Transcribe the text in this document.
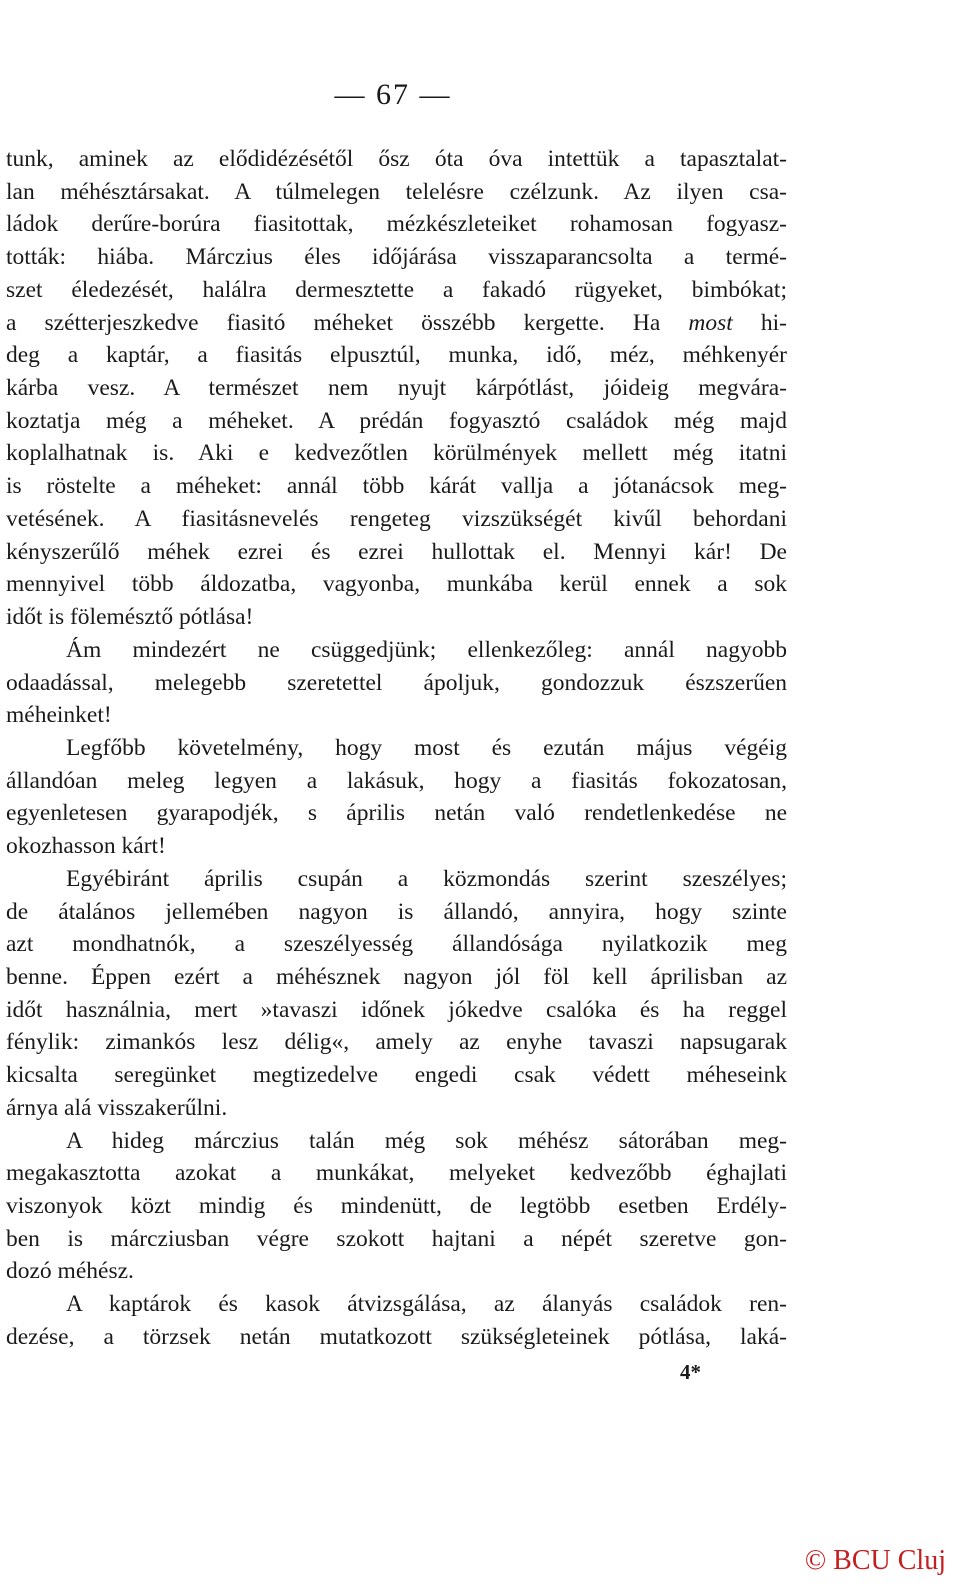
— 67 —
tunk, aminek az elődidézésétől ősz óta óva intettük a tapasztalat-
lan méhésztársakat. A túlmelegen telelésre czélzunk. Az ilyen csa-
ládok derűre-borúra fiasitottak, mézkészleteiket rohamosan fogyasz-
tották: hiába. Márczius éles időjárása visszaparancsolta a termé-
szet éledezését, halálra dermesztette a fakadó rügyeket, bimbókat;
a szétterjeszkedve fiasitó méheket összébb kergette. Ha most hi-
deg a kaptár, a fiasitás elpusztúl, munka, idő, méz, méhkenyér
kárba vesz. A természet nem nyujt kárpótlást, jóideig megvára-
koztatja még a méheket. A prédán fogyasztó családok még majd
koplalhatnak is. Aki e kedvezőtlen körülmények mellett még itatni
is röstelte a méheket: annál több kárát vallja a jótanácsok meg-
vetésének. A fiasitásnevelés rengeteg vizszükségét kivűl behordani
kényszerűlő méhek ezrei és ezrei hullottak el. Mennyi kár! De
mennyivel több áldozatba, vagyonba, munkába kerül ennek a sok
időt is fölemésztő pótlása!
Ám mindezért ne csüggedjünk; ellenkezőleg: annál nagyobb
odaadással, melegebb szeretettel ápoljuk, gondozzuk észszerűen
méheinket!
Legfőbb követelmény, hogy most és ezután május végéig
állandóan meleg legyen a lakásuk, hogy a fiasitás fokozatosan,
egyenletesen gyarapodjék, s április netán való rendetlenkedése ne
okozhasson kárt!
Egyébiránt április csupán a közmondás szerint szeszélyes;
de átalános jellemében nagyon is állandó, annyira, hogy szinte
azt mondhatnók, a szeszélyesség állandósága nyilatkozik meg
benne. Éppen ezért a méhésznek nagyon jól föl kell áprilisban az
időt használnia, mert »tavaszi időnek jókedve csalóka és ha reggel
fénylik: zimankós lesz délig«, amely az enyhe tavaszi napsugarak
kicsalta seregünket megtizedelve engedi csak védett méheseink
árnya alá visszakerűlni.
A hideg márczius talán még sok méhész sátorában meg-
megakasztotta azokat a munkákat, melyeket kedvezőbb éghajlati
viszonyok közt mindig és mindenütt, de legtöbb esetben Erdély-
ben is márcziusban végre szokott hajtani a népét szeretve gon-
dozó méhész.
A kaptárok és kasok átvizsgálása, az álanyás családok ren-
dezése, a törzsek netán mutatkozott szükségleteinek pótlása, laká-
4*
© BCU Cluj
